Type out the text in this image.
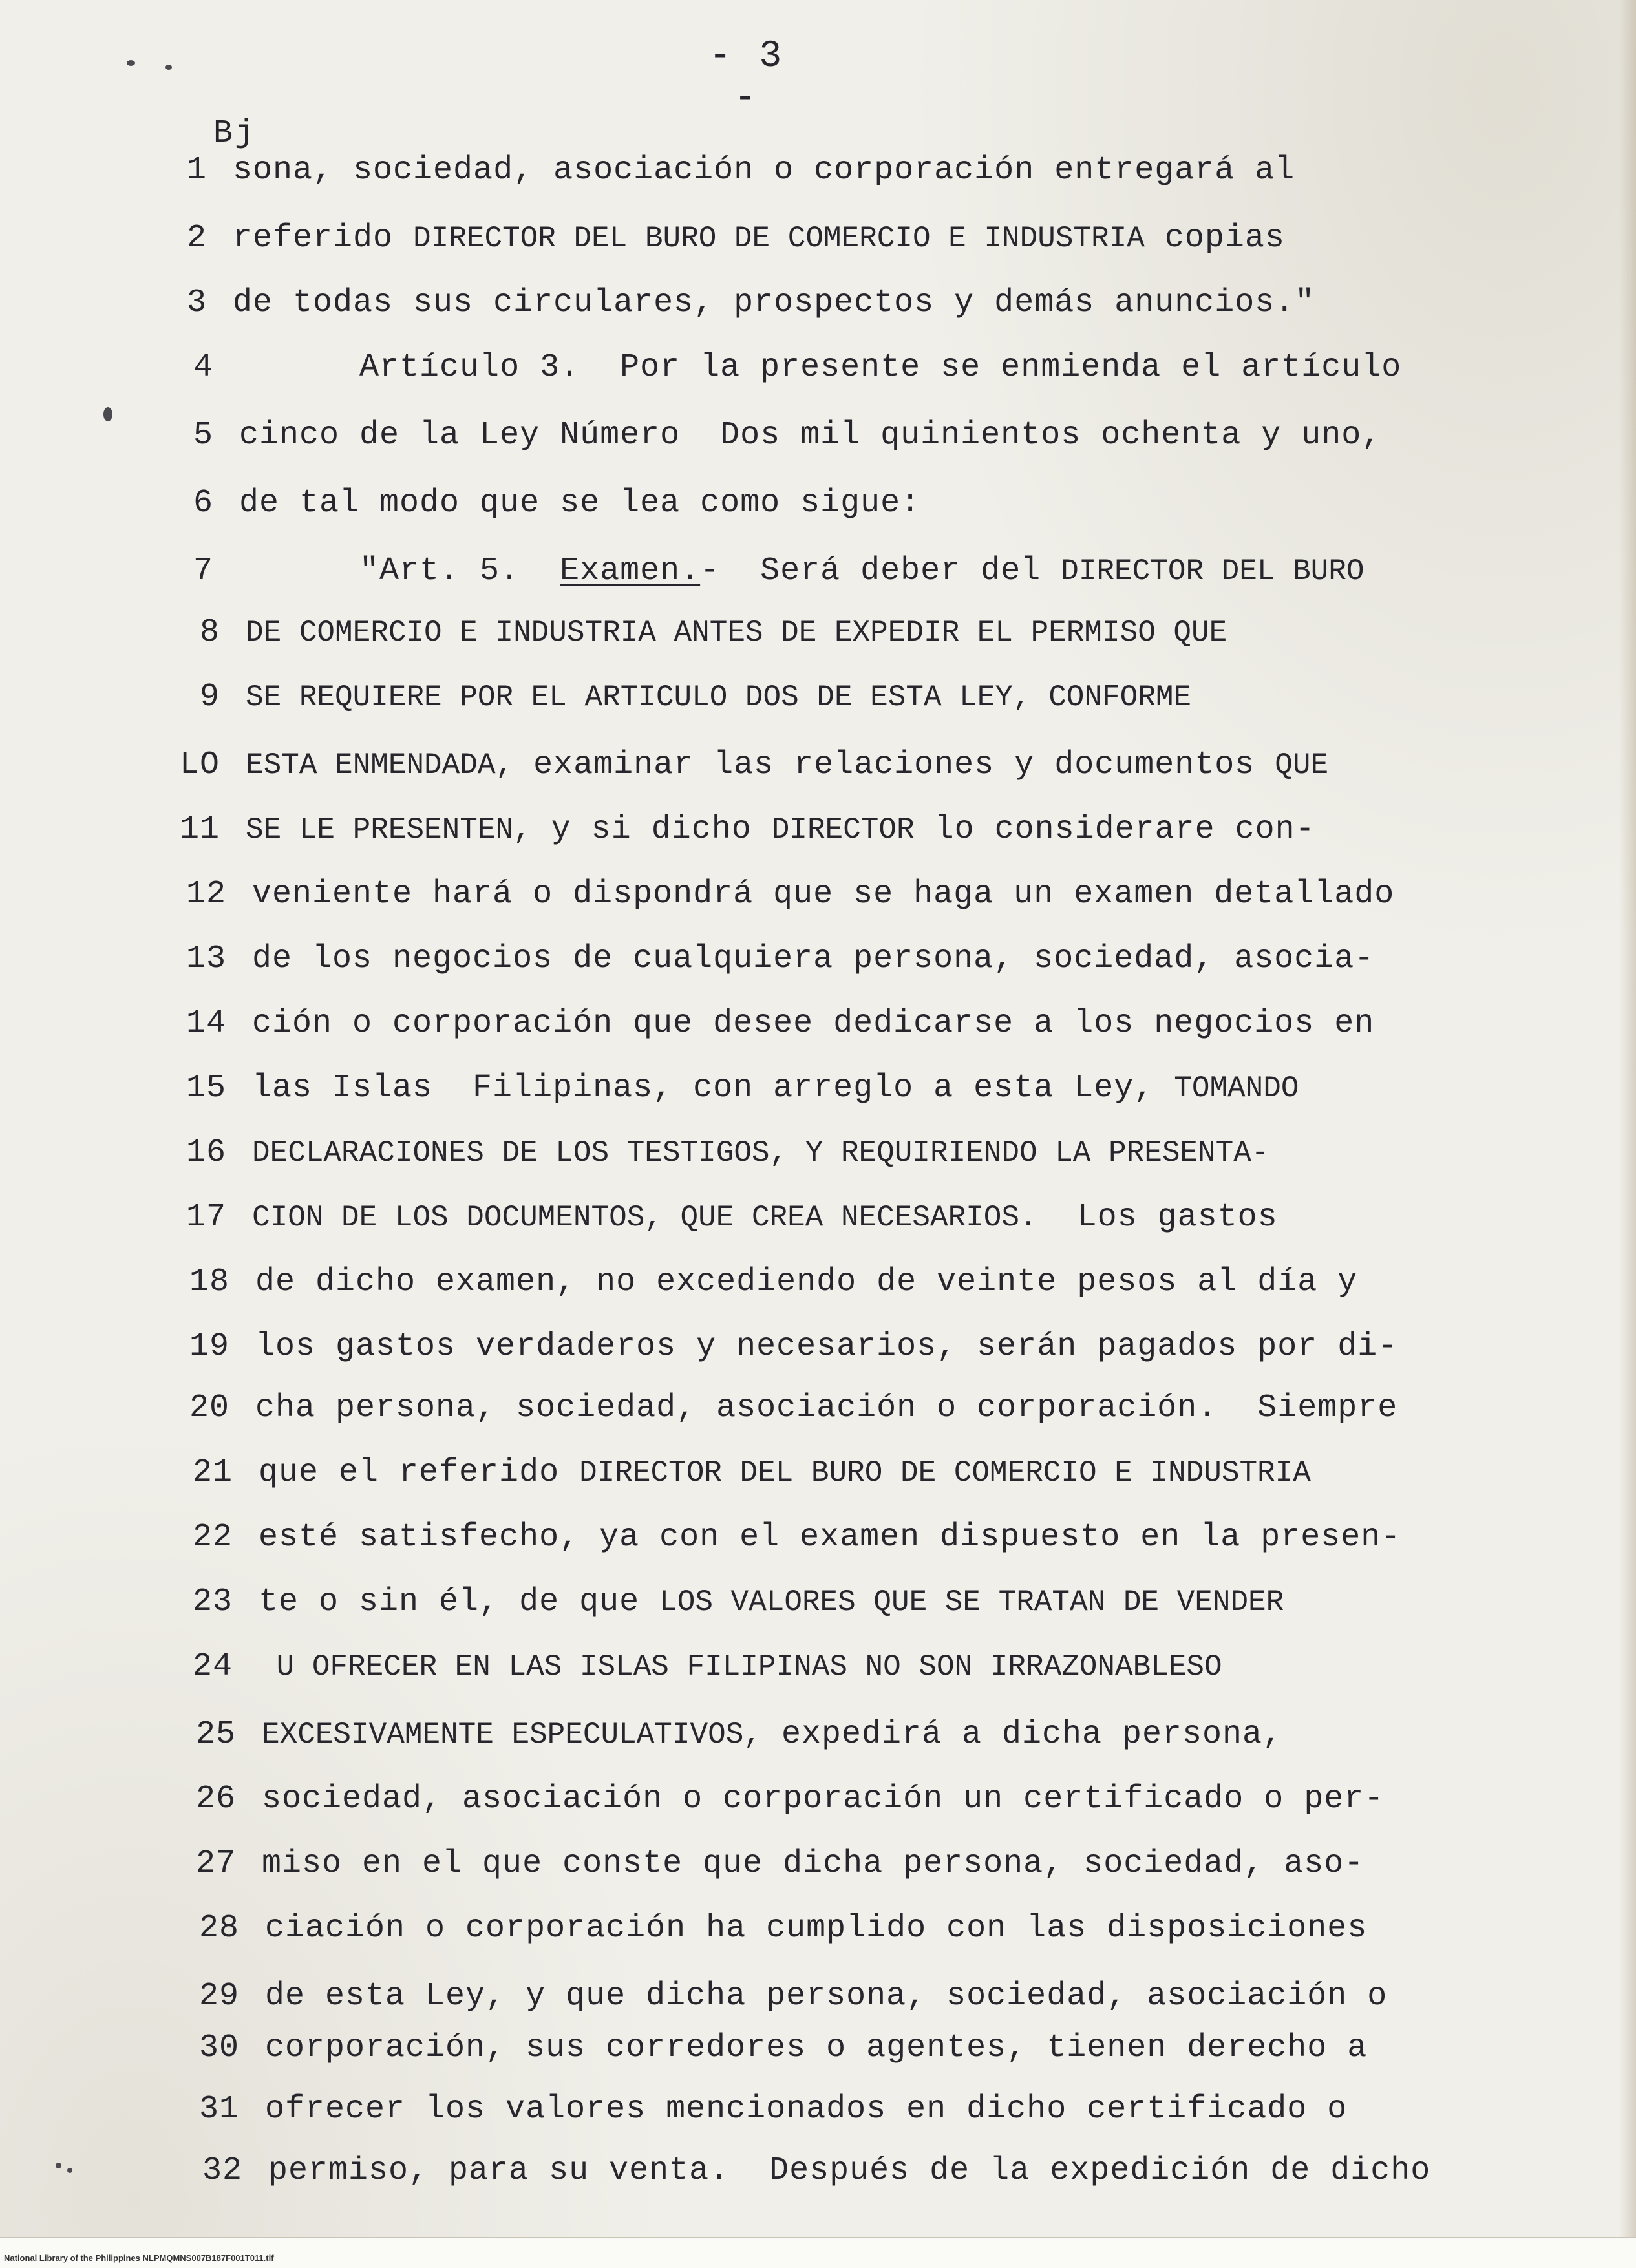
- 3 -
Bj
1 sona, sociedad, asociación o corporación entregará al
2 referido DIRECTOR DEL BURO DE COMERCIO E INDUSTRIA copias
3 de todas sus circulares, prospectos y demás anuncios."
4 Artículo 3.  Por la presente se enmienda el artículo
5 cinco de la Ley Número  Dos mil quinientos ochenta y uno,
6 de tal modo que se lea como sigue:
7 "Art. 5.  Examen.-  Será deber del DIRECTOR DEL BURO
8 DE COMERCIO E INDUSTRIA ANTES DE EXPEDIR EL PERMISO QUE
9 SE REQUIERE POR EL ARTICULO DOS DE ESTA LEY, CONFORME
LO ESTA ENMENDADA, examinar las relaciones y documentos QUE
11 SE LE PRESENTEN, y si dicho DIRECTOR lo considerare con-
12 veniente hará o dispondrá que se haga un examen detallado
13 de los negocios de cualquiera persona, sociedad, asocia-
14 ción o corporación que desee dedicarse a los negocios en
15 las Islas  Filipinas, con arreglo a esta Ley, TOMANDO
16 DECLARACIONES DE LOS TESTIGOS, Y REQUIRIENDO LA PRESENTA-
17 CION DE LOS DOCUMENTOS, QUE CREA NECESARIOS.  Los gastos
18 de dicho examen, no excediendo de veinte pesos al día y
19 los gastos verdaderos y necesarios, serán pagados por di-
20 cha persona, sociedad, asociación o corporación.  Siempre
21 que el referido DIRECTOR DEL BURO DE COMERCIO E INDUSTRIA
22 esté satisfecho, ya con el examen dispuesto en la presen-
23 te o sin él, de que LOS VALORES QUE SE TRATAN DE VENDER
24 U OFRECER EN LAS ISLAS FILIPINAS NO SON IRRAZONABLESO
25 EXCESIVAMENTE ESPECULATIVOS, expedirá a dicha persona,
26 sociedad, asociación o corporación un certificado o per-
27 miso en el que conste que dicha persona, sociedad, aso-
28 ciación o corporación ha cumplido con las disposiciones
29 de esta Ley, y que dicha persona, sociedad, asociación o
30 corporación, sus corredores o agentes, tienen derecho a
31 ofrecer los valores mencionados en dicho certificado o
32 permiso, para su venta.  Después de la expedición de dicho
National Library of the Philippines NLPMQMNS007B187F001T011.tif
